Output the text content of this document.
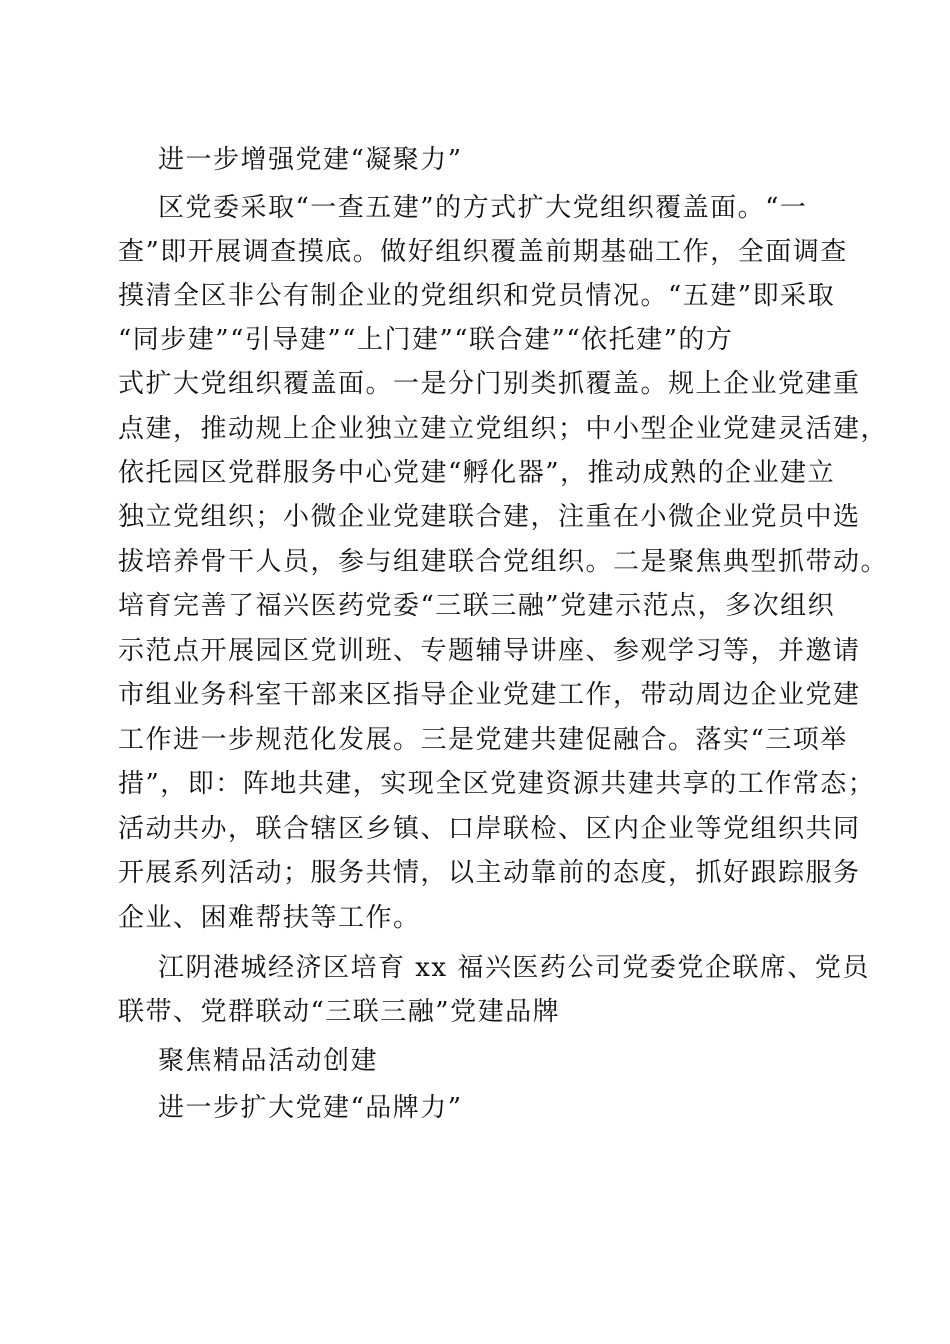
进一步增强党建“凝聚力”
区党委采取“一查五建”的方式扩大党组织覆盖面。“一
查”即开展调查摸底。做好组织覆盖前期基础工作，全面调查
摸清全区非公有制企业的党组织和党员情况。“五建”即采取
“同步建”“引导建”“上门建”“联合建”“依托建”的方
式扩大党组织覆盖面。一是分门别类抓覆盖。规上企业党建重
点建，推动规上企业独立建立党组织；中小型企业党建灵活建，
依托园区党群服务中心党建“孵化器”，推动成熟的企业建立
独立党组织；小微企业党建联合建，注重在小微企业党员中选
拔培养骨干人员，参与组建联合党组织。二是聚焦典型抓带动。
培育完善了福兴医药党委“三联三融”党建示范点，多次组织
示范点开展园区党训班、专题辅导讲座、参观学习等，并邀请
市组业务科室干部来区指导企业党建工作，带动周边企业党建
工作进一步规范化发展。三是党建共建促融合。落实“三项举
措”，即：阵地共建，实现全区党建资源共建共享的工作常态；
活动共办，联合辖区乡镇、口岸联检、区内企业等党组织共同
开展系列活动；服务共情，以主动靠前的态度，抓好跟踪服务
企业、困难帮扶等工作。
江阴港城经济区培育 xx 福兴医药公司党委党企联席、党员
联带、党群联动“三联三融”党建品牌
聚焦精品活动创建
进一步扩大党建“品牌力”
